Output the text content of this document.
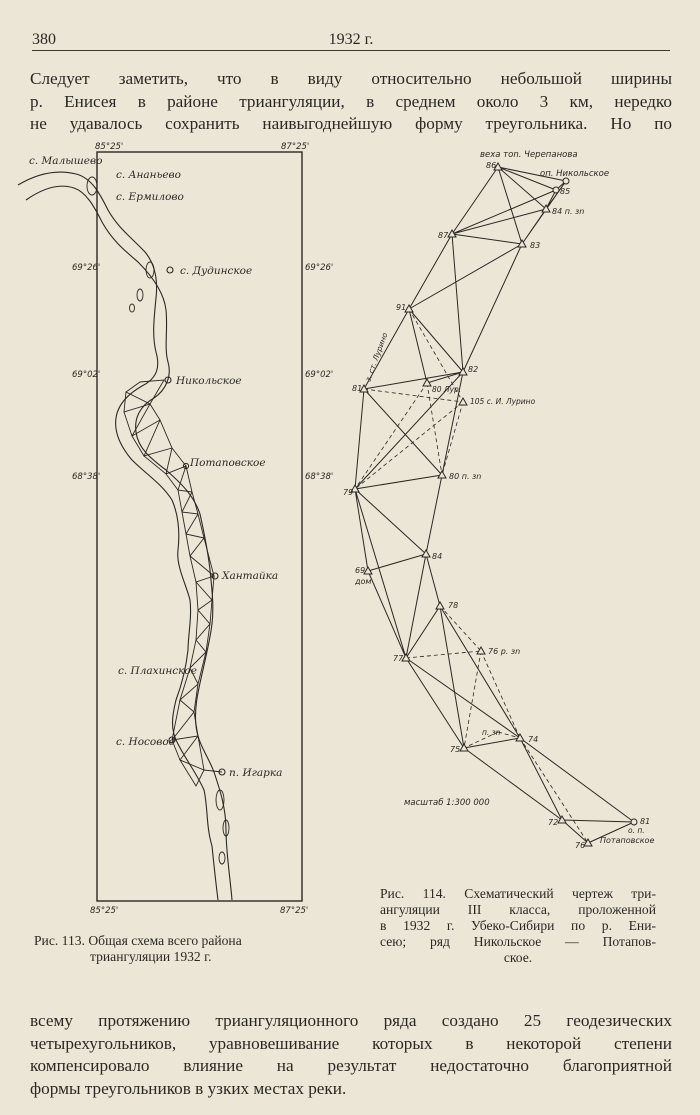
380	1932 г.
Следует заметить, что в виду относительно небольшой ширины
р. Енисея в районе триангуляции, в среднем около 3 км, нередко
не удавалось сохранить наивыгоднейшую форму треугольника. Но по
85°25'	87°25'
85°25'	87°25'
69°26'	69°26'
69°02'	69°02'
68°38'	68°38'
с. Малышево
с. Ананьево
с. Ермилово
с. Дудинское
Никольское
Потаповское
Хантайка
с. Плахинское
с. Носовое
п. Игарка
веха тоn. Черепанова
оп. Никольское
86
85
84 п. зn
87
83
91
82
81
з. ст. Лурино
80 Лур.
105 с. И. Лурино
80 п. зn
79
84
69
дом
78
77
76 р. зn
п. зn
74
75
масштаб 1:300 000
72	81
о. п.
Потаповское
76
Рис. 113. Общая схема всего района
триангуляции 1932 г.
Рис. 114. Схематический чертеж три-
ангуляции III класса, проложенной
в 1932 г. Убеко-Сибири по р. Ени-
сею; ряд Никольское — Потапов-
ское.
всему протяжению триангуляционного ряда создано 25 геодезических
четырехугольников, уравновешивание которых в некоторой степени
компенсировало влияние на результат недостаточно благоприятной
формы треугольников в узких местах реки.
